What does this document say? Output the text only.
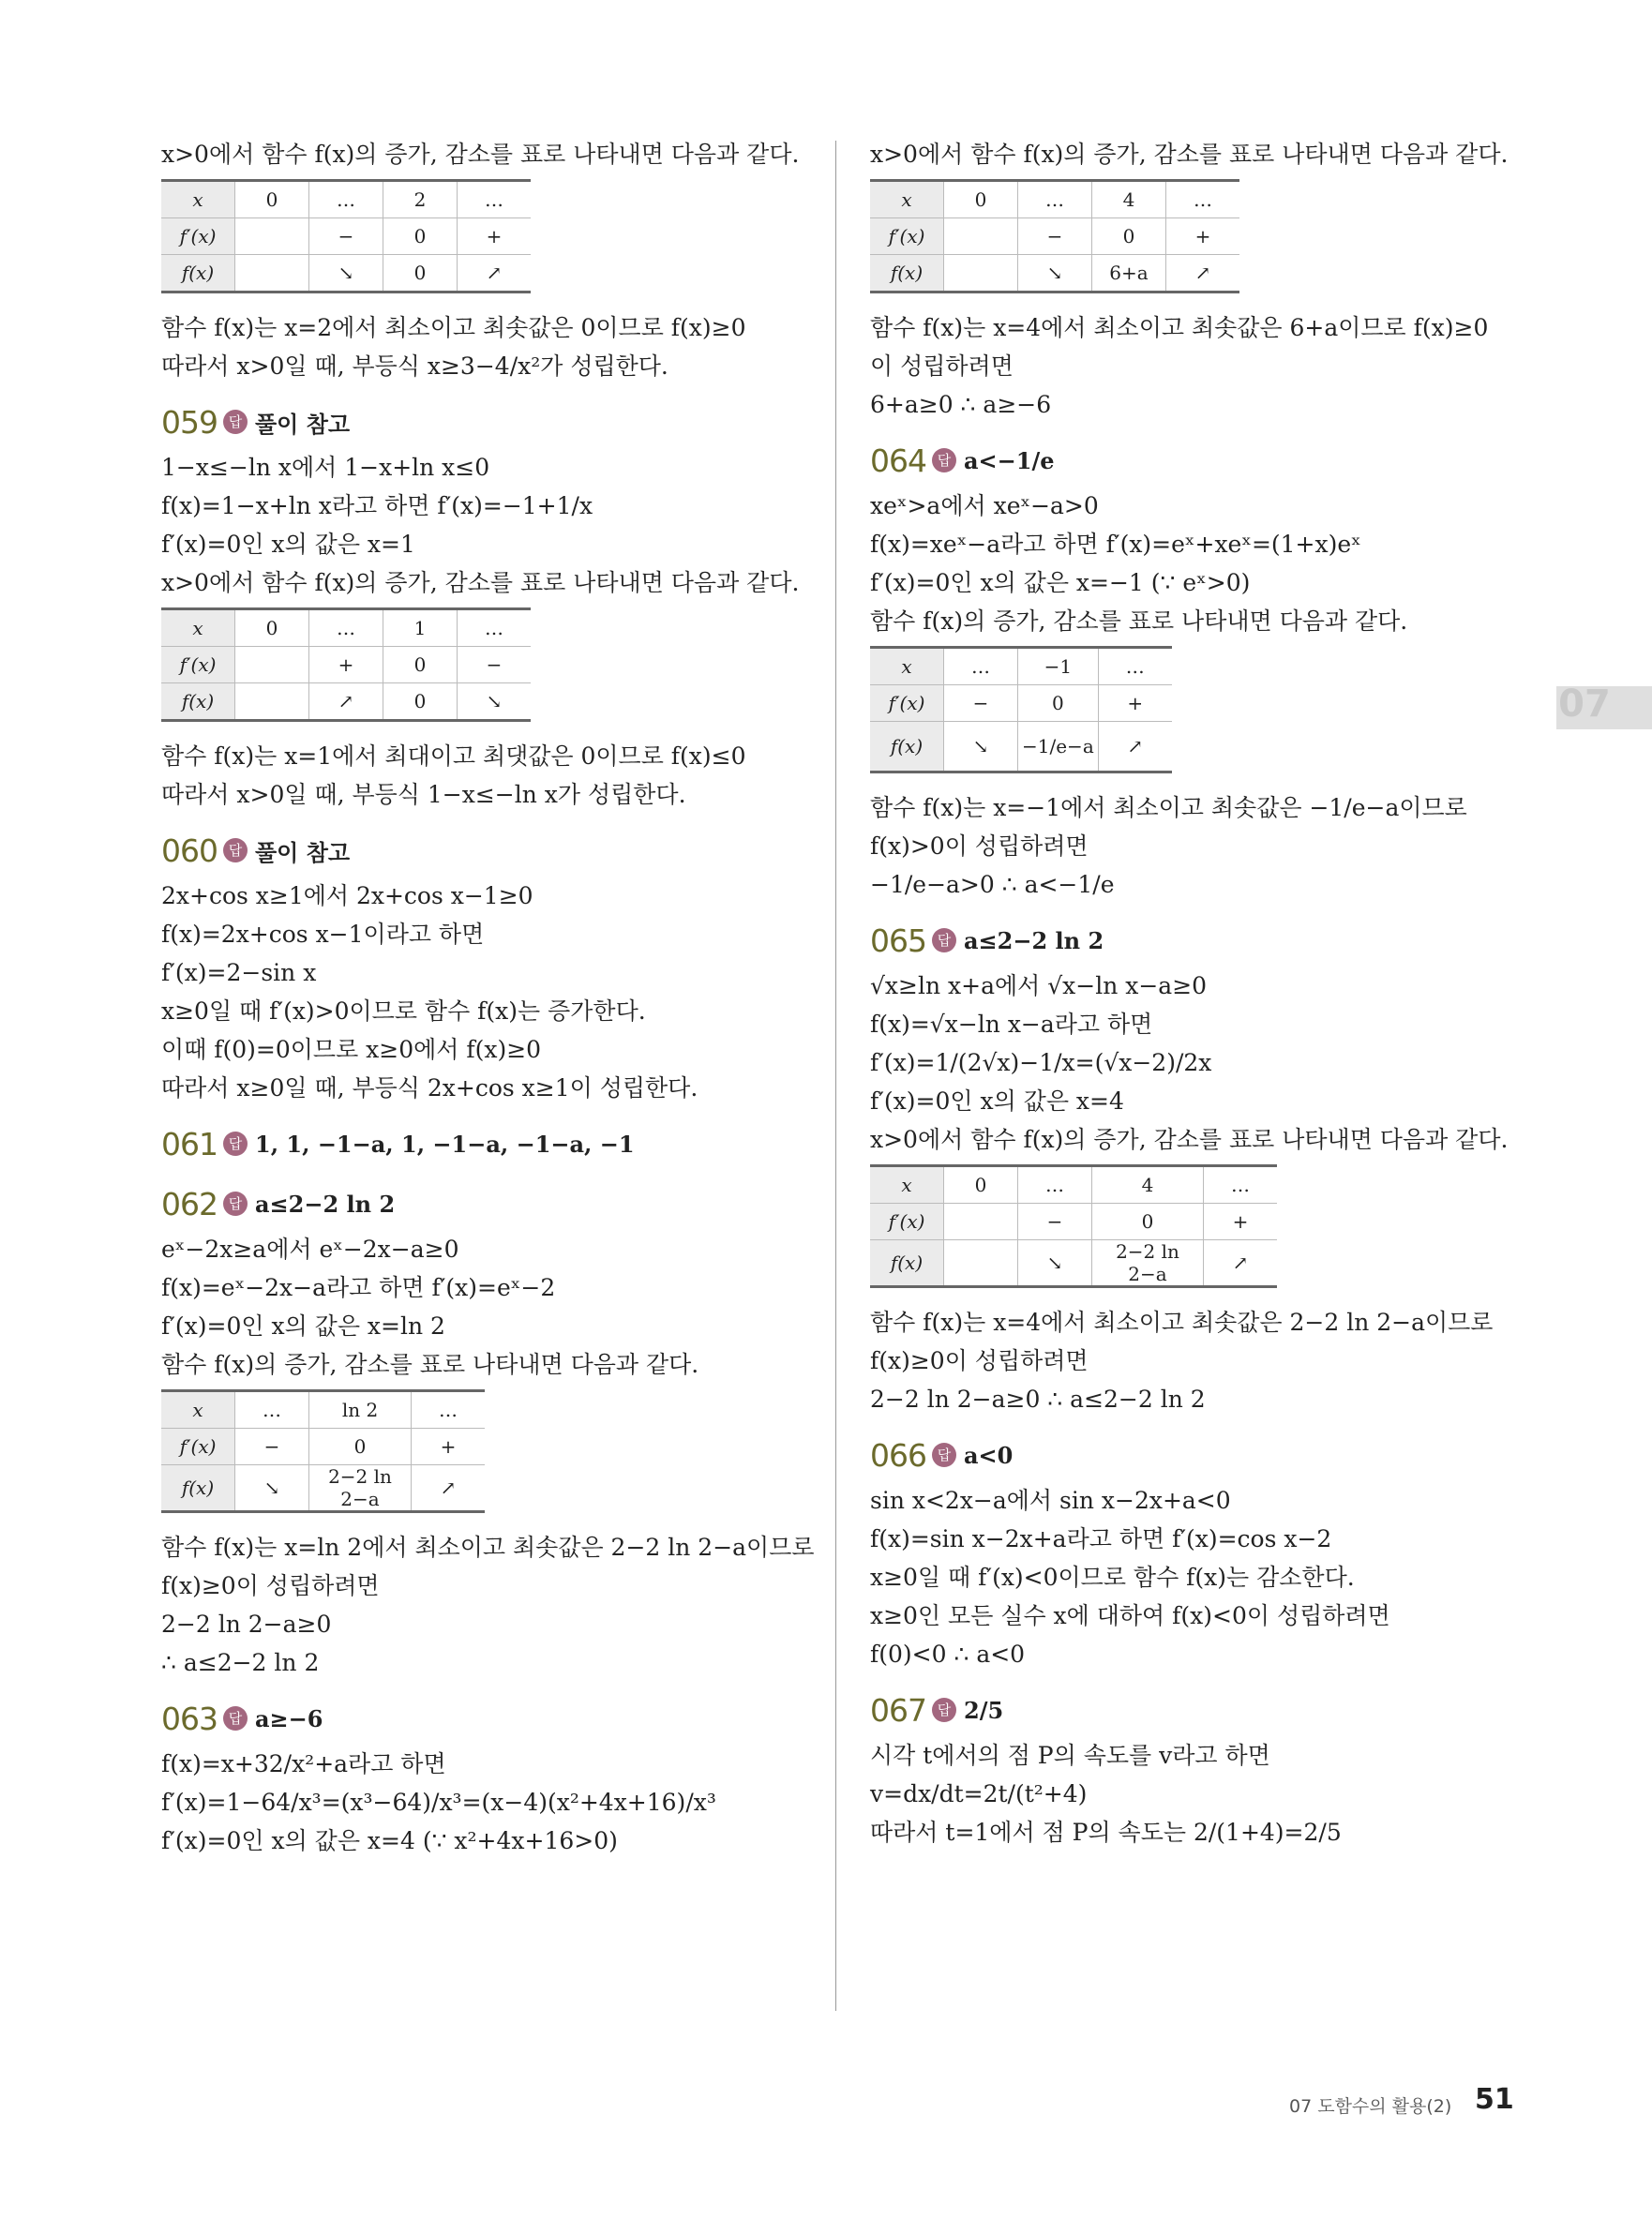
x>0에서 함수 f(x)의 증가, 감소를 표로 나타내면 다음과 같다.
x	0	…	2	…
f′(x)		−	0	+
f(x)		↘	0	↗
함수 f(x)는 x=2에서 최소이고 최솟값은 0이므로 f(x)≥0
따라서 x>0일 때, 부등식 x≥3−4/x²가 성립한다.
059 답 풀이 참고
1−x≤−ln x에서 1−x+ln x≤0
f(x)=1−x+ln x라고 하면 f′(x)=−1+1/x
f′(x)=0인 x의 값은 x=1
x>0에서 함수 f(x)의 증가, 감소를 표로 나타내면 다음과 같다.
x	0	…	1	…
f′(x)		+	0	−
f(x)		↗	0	↘
함수 f(x)는 x=1에서 최대이고 최댓값은 0이므로 f(x)≤0
따라서 x>0일 때, 부등식 1−x≤−ln x가 성립한다.
060 답 풀이 참고
2x+cos x≥1에서 2x+cos x−1≥0
f(x)=2x+cos x−1이라고 하면
f′(x)=2−sin x
x≥0일 때 f′(x)>0이므로 함수 f(x)는 증가한다.
이때 f(0)=0이므로 x≥0에서 f(x)≥0
따라서 x≥0일 때, 부등식 2x+cos x≥1이 성립한다.
061 답 1, 1, −1−a, 1, −1−a, −1−a, −1
062 답 a≤2−2 ln 2
eˣ−2x≥a에서 eˣ−2x−a≥0
f(x)=eˣ−2x−a라고 하면 f′(x)=eˣ−2
f′(x)=0인 x의 값은 x=ln 2
함수 f(x)의 증가, 감소를 표로 나타내면 다음과 같다.
x	…	ln 2	…
f′(x)	−	0	+
f(x)	↘	2−2 ln 2−a	↗
함수 f(x)는 x=ln 2에서 최소이고 최솟값은 2−2 ln 2−a이므로
f(x)≥0이 성립하려면
2−2 ln 2−a≥0
∴ a≤2−2 ln 2
063 답 a≥−6
f(x)=x+32/x²+a라고 하면
f′(x)=1−64/x³=(x³−64)/x³=(x−4)(x²+4x+16)/x³
f′(x)=0인 x의 값은 x=4 (∵ x²+4x+16>0)
x>0에서 함수 f(x)의 증가, 감소를 표로 나타내면 다음과 같다.
x	0	…	4	…
f′(x)		−	0	+
f(x)		↘	6+a	↗
함수 f(x)는 x=4에서 최소이고 최솟값은 6+a이므로 f(x)≥0
이 성립하려면
6+a≥0 ∴ a≥−6
064 답 a<−1/e
xeˣ>a에서 xeˣ−a>0
f(x)=xeˣ−a라고 하면 f′(x)=eˣ+xeˣ=(1+x)eˣ
f′(x)=0인 x의 값은 x=−1 (∵ eˣ>0)
함수 f(x)의 증가, 감소를 표로 나타내면 다음과 같다.
x	…	−1	…
f′(x)	−	0	+
f(x)	↘	−1/e−a	↗
함수 f(x)는 x=−1에서 최소이고 최솟값은 −1/e−a이므로
f(x)>0이 성립하려면
−1/e−a>0 ∴ a<−1/e
065 답 a≤2−2 ln 2
√x≥ln x+a에서 √x−ln x−a≥0
f(x)=√x−ln x−a라고 하면
f′(x)=1/(2√x)−1/x=(√x−2)/2x
f′(x)=0인 x의 값은 x=4
x>0에서 함수 f(x)의 증가, 감소를 표로 나타내면 다음과 같다.
x	0	…	4	…
f′(x)		−	0	+
f(x)		↘	2−2 ln 2−a	↗
함수 f(x)는 x=4에서 최소이고 최솟값은 2−2 ln 2−a이므로
f(x)≥0이 성립하려면
2−2 ln 2−a≥0 ∴ a≤2−2 ln 2
066 답 a<0
sin x<2x−a에서 sin x−2x+a<0
f(x)=sin x−2x+a라고 하면 f′(x)=cos x−2
x≥0일 때 f′(x)<0이므로 함수 f(x)는 감소한다.
x≥0인 모든 실수 x에 대하여 f(x)<0이 성립하려면
f(0)<0 ∴ a<0
067 답 2/5
시각 t에서의 점 P의 속도를 v라고 하면
v=dx/dt=2t/(t²+4)
따라서 t=1에서 점 P의 속도는 2/(1+4)=2/5
07
07 도함수의 활용(2) 51
